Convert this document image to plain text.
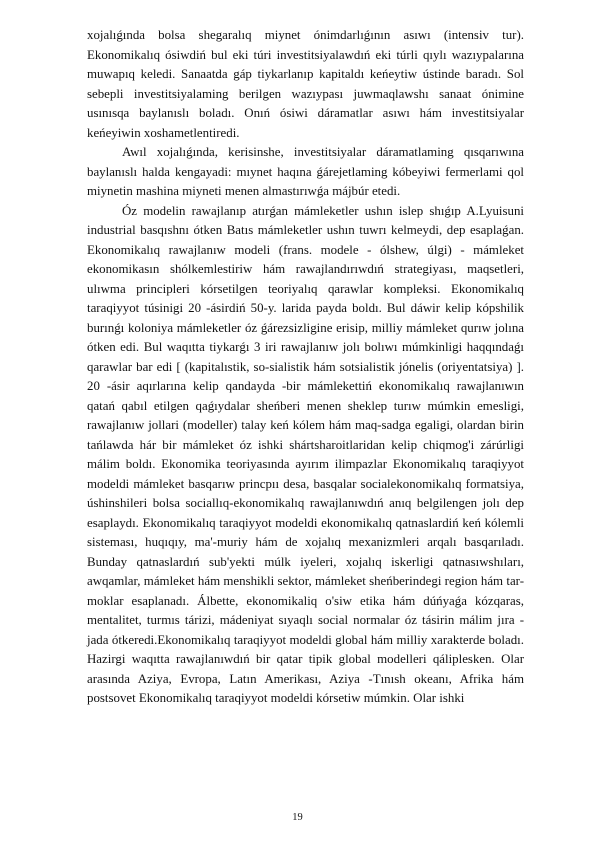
xojalıǵında bolsa shegaralıq miynet ónimdarlıǵının asıwı (intensiv tur). Ekonomikalıq ósiwdiń bul eki túri investitsiyalawdıń eki túrli qıylı wazıypalarına muwapıq keledi. Sanaatda gáp tiykarlanıp kapitaldı keńeytiw ústinde baradı. Sol sebepli investitsiyalaming berilgen wazıypası juwmaqlawshı sanaat ónimine usınısqa baylanıslı boladı. Onıń ósiwi dáramatlar asıwı hám investitsiyalar keńeyiwin xoshametlentiredi.

Awıl xojalıǵında, kerisinshe, investitsiyalar dáramatlaming qısqarıwına baylanıslı halda kengayadi: mıynet haqına ǵárejetlaming kóbeyiwi fermerlami qol miynetin mashina miyneti menen almastırıwǵa májbúr etedi.

Óz modelin rawajlanıp atırǵan mámleketler ushın islep shıǵıp A.Lyuisuni industrial basqıshnı ótken Batıs mámleketler ushın tuwrı kelmeydi, dep esaplaǵan. Ekonomikalıq rawajlanıw modeli (frans. modele - ólshew, úlgi) - mámleket ekonomikasın shólkemlestiriw hám rawajlandırıwdıń strategiyası, maqsetleri, ulıwma principleri kórsetilgen teoriyalıq qarawlar kompleksi. Ekonomikalıq taraqiyyot túsinigi 20 -ásirdiń 50-y. larida payda boldı. Bul dáwir kelip kópshilik burınǵı koloniya mámleketler óz ǵárezsizligine erisip, milliy mámleket qurıw jolına ótken edi. Bul waqıtta tiykarǵı 3 iri rawajlanıw jolı bolıwı múmkinligi haqqındaǵı qarawlar bar edi [ (kapitalıstik, so-sialistik hám sotsialistik jónelis (oriyentatsiya) ]. 20 -ásir aqırlarına kelip qandayda -bir mámlekettiń ekonomikalıq rawajlanıwın qatań qabıl etilgen qaǵıydalar sheńberi menen sheklep turıw múmkin emesligi, rawajlanıw jollari (modeller) talay keń kólem hám maq-sadga egaligi, olardan birin tańlawda hár bir mámleket óz ishki shártsharoitlaridan kelip chiqmog'i zárúrligi málim boldı. Ekonomika teoriyasında ayırım ilimpazlar Ekonomikalıq taraqiyyot modeldi mámleket basqarıw princpıı desa, basqalar socialekonomikalıq formatsiya, úshinshileri bolsa sociallıq-ekonomikalıq rawajlanıwdıń anıq belgilengen jolı dep esaplaydı. Ekonomikalıq taraqiyyot modeldi ekonomikalıq qatnaslardiń keń kólemli sisteması, huqıqıy, ma'-muriy hám de xojalıq mexanizmleri arqalı basqarıladı. Bunday qatnaslardıń sub'yekti múlk iyeleri, xojalıq iskerligi qatnasıwshıları, awqamlar, mámleket hám menshikli sektor, mámleket sheńberindegi region hám tar-moklar esaplanadı. Álbette, ekonomikaliq o'siw etika hám dúńyaǵa kózqaras, mentalitet, turmıs tárizi, mádeniyat sıyaqlı social normalar óz tásirin málim jıra -jada ótkeredi.Ekonomikalıq taraqiyyot modeldi global hám milliy xarakterde boladı. Hazirgi waqıtta rawajlanıwdıń bir qatar tipik global modelleri qáliplesken. Olar arasında Aziya, Evropa, Latın Amerikası, Aziya -Tınısh okeanı, Afrika hám postsovet Ekonomikalıq taraqiyyot modeldi kórsetiw múmkin. Olar ishki

19
